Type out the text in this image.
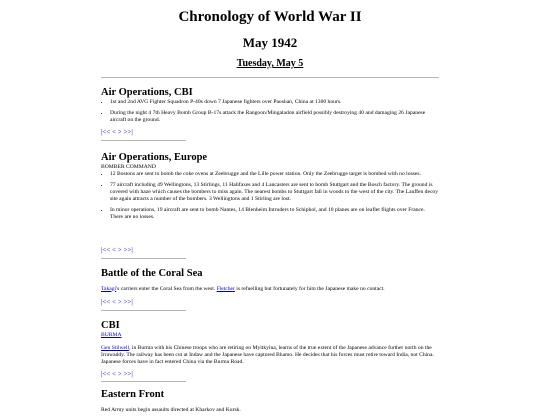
Chronology of World War II
May 1942
Tuesday, May 5
Air Operations, CBI
• 1st and 2nd AVG Fighter Squadron P-40s down 7 Japanese fighters over Paoshan, China at 1300 hours.
• During the night 4 7th Heavy Bomb Group B-17s attack the Rangoon/Mingaladon airfield possibly destroying 40 and damaging 26 Japanese aircraft on the ground.
|<< < > >>|
Air Operations, Europe
BOMBER COMMAND
• 12 Bostons are sent to bomb the coke ovens at Zeebrugge and the Lille power station. Only the Zeebrugge target is bombed with no losses.
• 77 aircraft including 49 Wellingtons, 13 Stirlings, 11 Halifaxes and 4 Lancasters are sent to bomb Stuttgart and the Bosch factory. The ground is covered with haze which causes the bombers to miss again. The nearest bombs to Stuttgart fall in woods to the west of the city. The Lauffen decoy site again attracts a number of the bombers. 3 Wellingtons and 1 Stirling are lost.
• In minor operations, 19 aircraft are sent to bomb Nantes, 14 Blenheim Intruders to Schiphol, and 10 planes are on leaflet flights over France. There are no losses.
|<< < > >>|
Battle of the Coral Sea

Takagi's carriers enter the Coral Sea from the west. Fletcher is refuelling but fortunately for him the Japanese make no contact.

|<< < > >>|
CBI
BURMA

Gen Stilwell, in Burma with his Chinese troops who are retiring on Myitkyina, learns of the true extent of the Japanese advance further north on the Irrawaddy. The railway has been cut at Indaw and the Japanese have captured Bhamo. He decides that his forces must retire toward India, not China. Japanese forces have in fact entered China via the Burma Road.

|<< < > >>|
Eastern Front

Red Army units begin assaults directed at Kharkov and Kursk.
